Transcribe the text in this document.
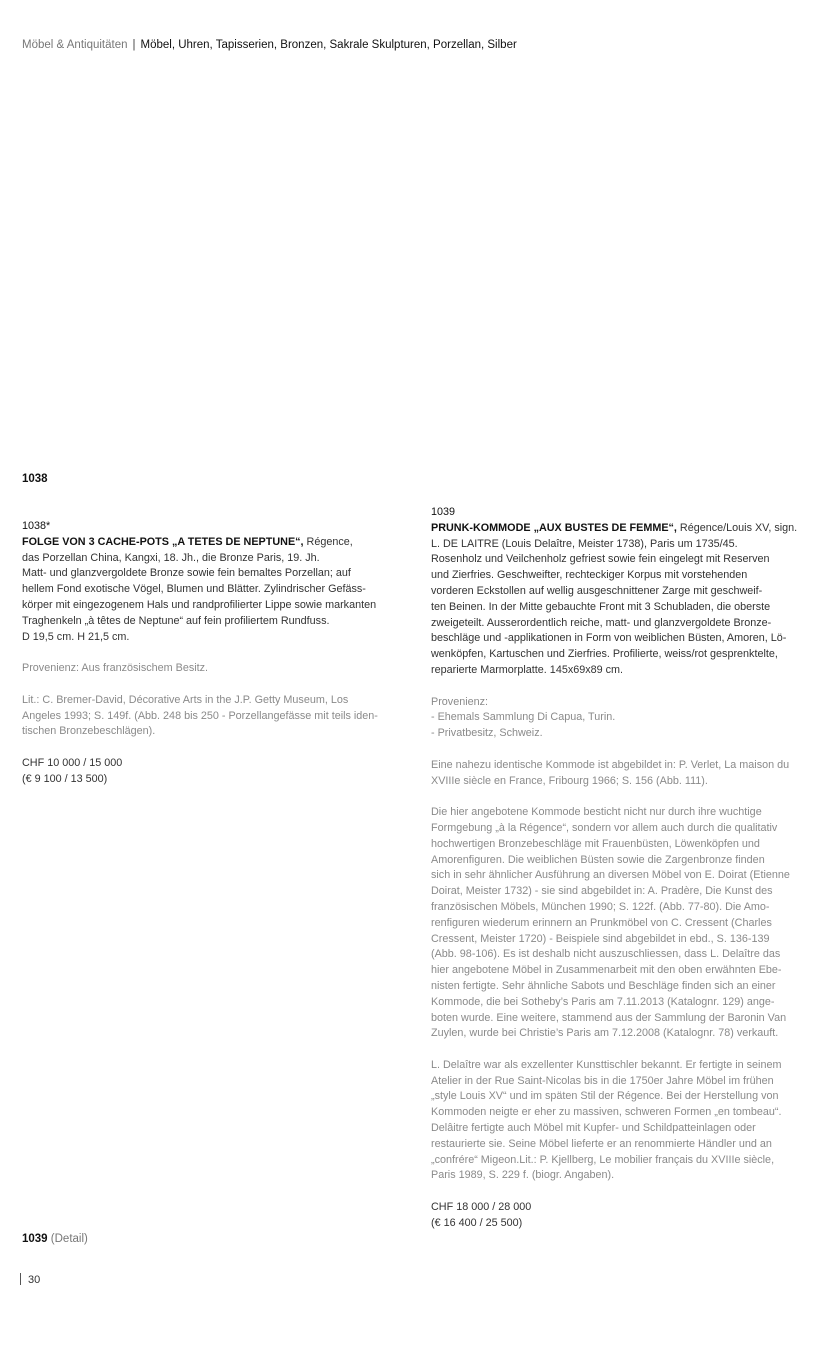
Möbel & Antiquitäten | Möbel, Uhren, Tapisserien, Bronzen, Sakrale Skulpturen, Porzellan, Silber
1038

1038*

FOLGE VON 3 CACHE-POTS „A TETES DE NEPTUNE“, Régence,

das Porzellan China, Kangxi, 18. Jh., die Bronze Paris, 19. Jh.

Matt- und glanzvergoldete Bronze sowie fein bemaltes Porzellan; auf

hellem Fond exotische Vögel, Blumen und Blätter. Zylindrischer Gefäss-

körper mit eingezogenem Hals und randprofilierter Lippe sowie markanten

Traghenkeln „à têtes de Neptune“ auf fein profiliertem Rundfuss.

D 19,5 cm. H 21,5 cm.

Provenienz: Aus französischem Besitz.

Lit.: C. Bremer-David, Décorative Arts in the J.P. Getty Museum, Los

Angeles 1993; S. 149f. (Abb. 248 bis 250 - Porzellangefässe mit teils iden-

tischen Bronzebeschlägen).

CHF 10 000 / 15 000

(€ 9 100 / 13 500)

1039

PRUNK-KOMMODE „AUX BUSTES DE FEMME“, Régence/Louis XV, sign.

L. DE LAITRE (Louis Delaître, Meister 1738), Paris um 1735/45.

Rosenholz und Veilchenholz gefriest sowie fein eingelegt mit Reserven

und Zierfries. Geschweifter, rechteckiger Korpus mit vorstehenden

vorderen Eckstollen auf wellig ausgeschnittener Zarge mit geschweif-

ten Beinen. In der Mitte gebauchte Front mit 3 Schubladen, die oberste

zweigeteilt. Ausserordentlich reiche, matt- und glanzvergoldete Bronze-

beschläge und -applikationen in Form von weiblichen Büsten, Amoren, Lö-

wenköpfen, Kartuschen und Zierfries. Profilierte, weiss/rot gesprenktelte,

reparierte Marmorplatte. 145x69x89 cm.

Provenienz:

- Ehemals Sammlung Di Capua, Turin.

- Privatbesitz, Schweiz.

Eine nahezu identische Kommode ist abgebildet in: P. Verlet, La maison du

XVIIIe siècle en France, Fribourg 1966; S. 156 (Abb. 111).

Die hier angebotene Kommode besticht nicht nur durch ihre wuchtige

Formgebung „à la Régence“, sondern vor allem auch durch die qualitativ

hochwertigen Bronzebeschläge mit Frauenbüsten, Löwenköpfen und

Amorenfiguren. Die weiblichen Büsten sowie die Zargenbronze finden

sich in sehr ähnlicher Ausführung an diversen Möbel von E. Doirat (Etienne

Doirat, Meister 1732) - sie sind abgebildet in: A. Pradère, Die Kunst des

französischen Möbels, München 1990; S. 122f. (Abb. 77-80). Die Amo-

renfiguren wiederum erinnern an Prunkmöbel von C. Cressent (Charles

Cressent, Meister 1720) - Beispiele sind abgebildet in ebd., S. 136-139

(Abb. 98-106). Es ist deshalb nicht auszuschliessen, dass L. Delaître das

hier angebotene Möbel in Zusammenarbeit mit den oben erwähnten Ebe-

nisten fertigte. Sehr ähnliche Sabots und Beschläge finden sich an einer

Kommode, die bei Sotheby’s Paris am 7.11.2013 (Katalognr. 129) ange-

boten wurde. Eine weitere, stammend aus der Sammlung der Baronin Van

Zuylen, wurde bei Christie’s Paris am 7.12.2008 (Katalognr. 78) verkauft.

L. Delaître war als exzellenter Kunsttischler bekannt. Er fertigte in seinem

Atelier in der Rue Saint-Nicolas bis in die 1750er Jahre Möbel im frühen

„style Louis XV“ und im späten Stil der Régence. Bei der Herstellung von

Kommoden neigte er eher zu massiven, schweren Formen „en tombeau“.

Delâitre fertigte auch Möbel mit Kupfer- und Schildpatteinlagen oder

restaurierte sie. Seine Möbel lieferte er an renommierte Händler und an

„confrére“ Migeon.Lit.: P. Kjellberg, Le mobilier français du XVIIIe siècle,

Paris 1989, S. 229 f. (biogr. Angaben).

CHF 18 000 / 28 000

(€ 16 400 / 25 500)

1039 (Detail)
30
